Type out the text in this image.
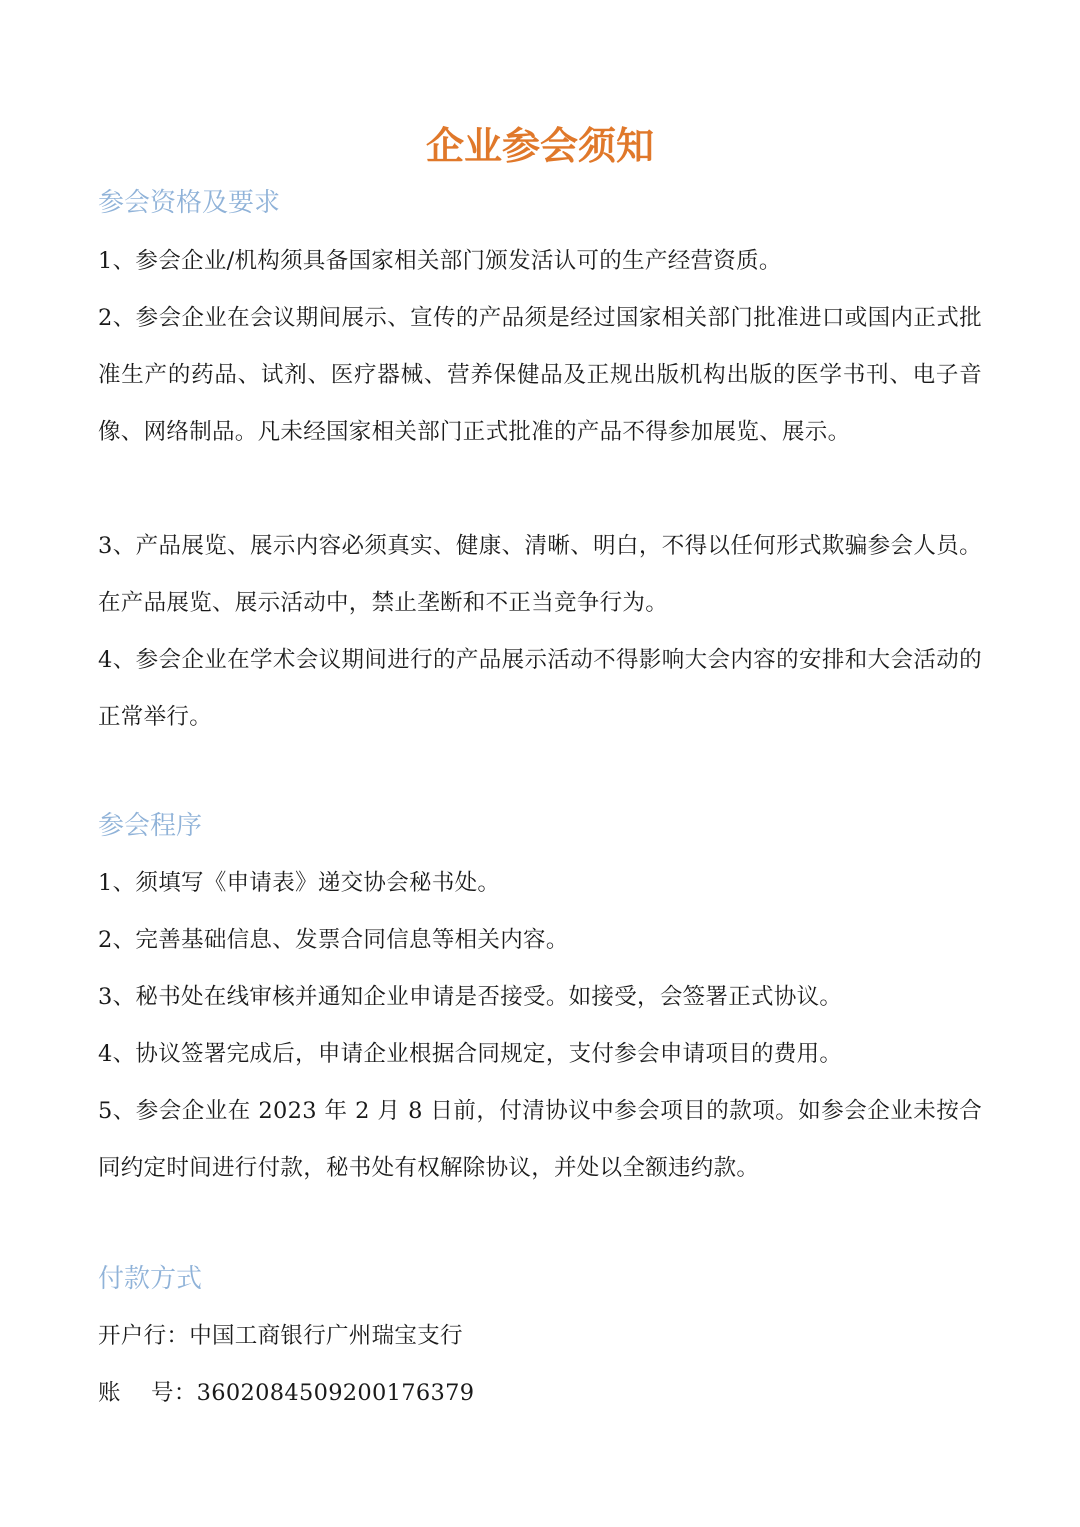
企业参会须知
参会资格及要求

1、参会企业/机构须具备国家相关部门颁发活认可的生产经营资质。

2、参会企业在会议期间展示、宣传的产品须是经过国家相关部门批准进口或国内正式批准生产的药品、试剂、医疗器械、营养保健品及正规出版机构出版的医学书刊、电子音像、网络制品。凡未经国家相关部门正式批准的产品不得参加展览、展示。

3、产品展览、展示内容必须真实、健康、清晰、明白，不得以任何形式欺骗参会人员。在产品展览、展示活动中，禁止垄断和不正当竞争行为。

4、参会企业在学术会议期间进行的产品展示活动不得影响大会内容的安排和大会活动的正常举行。

参会程序

1、须填写《申请表》递交协会秘书处。

2、完善基础信息、发票合同信息等相关内容。

3、秘书处在线审核并通知企业申请是否接受。如接受，会签署正式协议。

4、协议签署完成后，申请企业根据合同规定，支付参会申请项目的费用。

5、参会企业在 2023 年 2 月 8 日前，付清协议中参会项目的款项。如参会企业未按合同约定时间进行付款，秘书处有权解除协议，并处以全额违约款。

付款方式

开户行：中国工商银行广州瑞宝支行

账　 号：3602084509200176379
